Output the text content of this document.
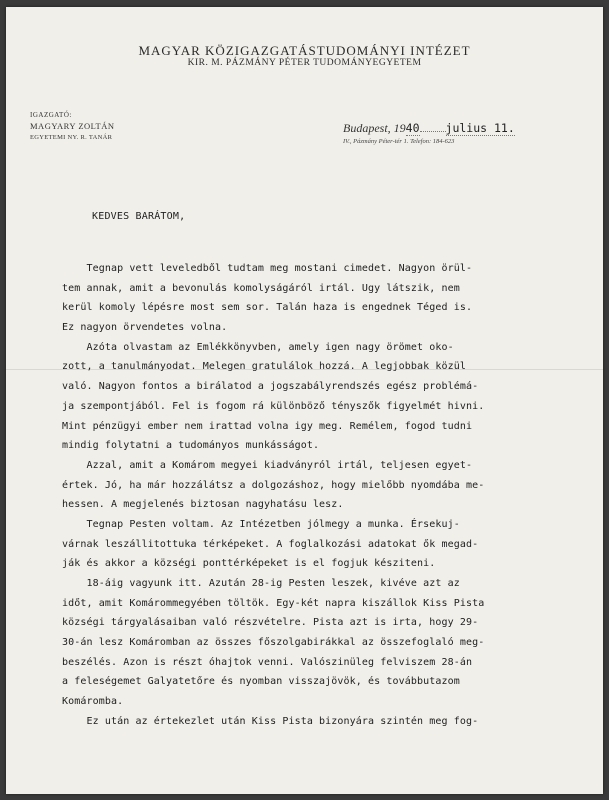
MAGYAR KÖZIGAZGATÁSTUDOMÁNYI INTÉZET
KIR. M. PÁZMÁNY PÉTER TUDOMÁNYEGYETEM
IGAZGATÓ:
MAGYARY ZOLTÁN
EGYETEMI NY. R. TANÁR
Budapest, 1940 julius 11.
IV., Pázmány Péter-tér 1. Telefon: 184-623
KEDVES BARÁTOM,
Tegnap vett leveledből tudtam meg mostani cimedet. Nagyon örül-
tem annak, amit a bevonulás komolyságáról irtál. Ugy látszik, nem
kerül komoly lépésre most sem sor. Talán haza is engednek Téged is.
Ez nagyon örvendetes volna.
Azóta olvastam az Emlékkönyvben, amely igen nagy örömet oko-
zott, a tanulmányodat. Melegen gratulálok hozzá. A legjobbak közül
való. Nagyon fontos a birálatod a jogszabályrendszés egész problémá-
ja szempontjából. Fel is fogom rá különböző tényszők figyelmét hivni.
Mint pénzügyi ember nem irattad volna igy meg. Remélem, fogod tudni
mindig folytatni a tudományos munkásságot.
Azzal, amit a Komárom megyei kiadványról irtál, teljesen egyet-
értek. Jó, ha már hozzálátsz a dolgozáshoz, hogy mielőbb nyomdába me-
hessen. A megjelenés biztosan nagyhatásu lesz.
Tegnap Pesten voltam. Az Intézetben jólmegy a munka. Érsekuj-
várnak leszállitottuka térképeket. A foglalkozási adatokat ők megad-
ják és akkor a községi ponttérképeket is el fogjuk késziteni.
18-áig vagyunk itt. Azután 28-ig Pesten leszek, kivéve azt az
időt, amit Komárommegyében töltök. Egy-két napra kiszállok Kiss Pista
községi tárgyalásaiban való részvételre. Pista azt is irta, hogy 29-
30-án lesz Komáromban az összes főszolgabirákkal az összefoglaló meg-
beszélés. Azon is részt óhajtok venni. Valószinüleg felviszem 28-án
a feleségemet Galyatetőre és nyomban visszajövök, és továbbutazom
Komáromba.
Ez után az értekezlet után Kiss Pista bizonyára szintén meg fog-
